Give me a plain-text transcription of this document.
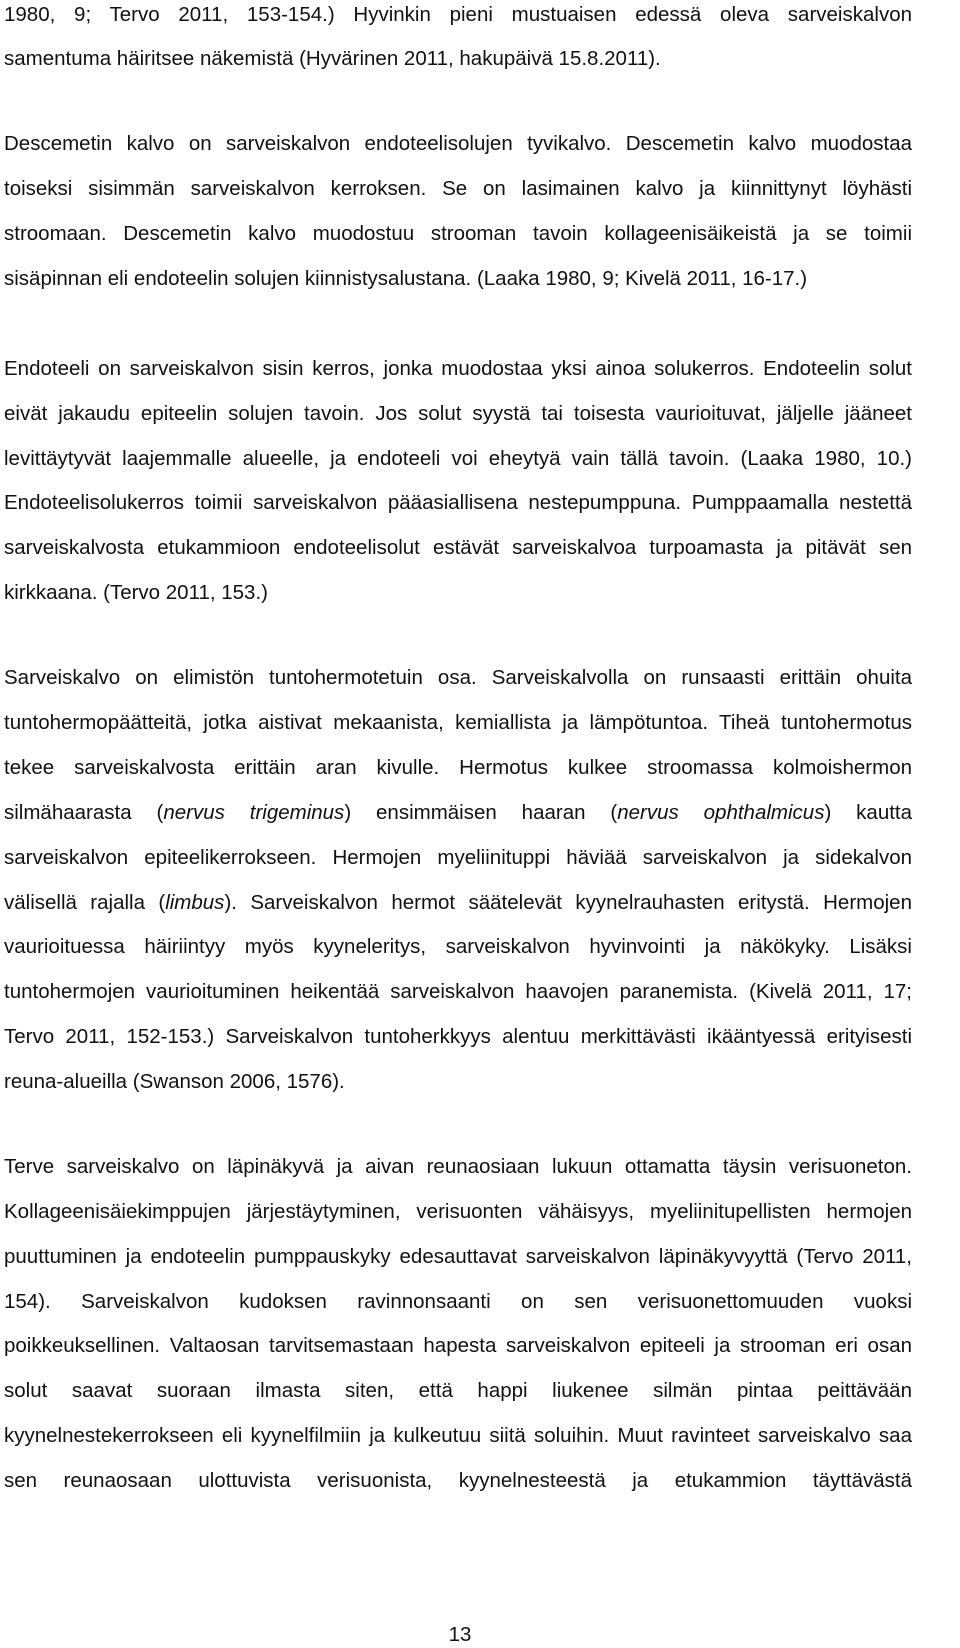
1980, 9; Tervo 2011, 153-154.) Hyvinkin pieni mustuaisen edessä oleva sarveiskalvon
samentuma häiritsee näkemistä (Hyvärinen 2011, hakupäivä 15.8.2011).
Descemetin kalvo on sarveiskalvon endoteelisolujen tyvikalvo. Descemetin kalvo muodostaa
toiseksi sisimmän sarveiskalvon kerroksen. Se on lasimainen kalvo ja kiinnittynyt löyhästi
stroomaan. Descemetin kalvo muodostuu strooman tavoin kollageenisäikeistä ja se toimii
sisäpinnan eli endoteelin solujen kiinnistysalustana. (Laaka 1980, 9; Kivelä 2011, 16-17.)
Endoteeli on sarveiskalvon sisin kerros, jonka muodostaa yksi ainoa solukerros. Endoteelin solut
eivät jakaudu epiteelin solujen tavoin. Jos solut syystä tai toisesta vaurioituvat, jäljelle jääneet
levittäytyvät laajemmalle alueelle, ja endoteeli voi eheytyä vain tällä tavoin. (Laaka 1980, 10.)
Endoteelisolukerros toimii sarveiskalvon pääasiallisena nestepumppuna. Pumppaamalla nestettä
sarveiskalvosta etukammioon endoteelisolut estävät sarveiskalvoa turpoamasta ja pitävät sen
kirkkaana. (Tervo 2011, 153.)
Sarveiskalvo on elimistön tuntohermotetuin osa. Sarveiskalvolla on runsaasti erittäin ohuita
tuntohermopäätteitä, jotka aistivat mekaanista, kemiallista ja lämpötuntoa. Tiheä tuntohermotus
tekee sarveiskalvosta erittäin aran kivulle. Hermotus kulkee stroomassa kolmoishermon
silmähaarasta (nervus trigeminus) ensimmäisen haaran (nervus ophthalmicus) kautta
sarveiskalvon epiteelikerrokseen. Hermojen myeliinituppi häviää sarveiskalvon ja sidekalvon
välisellä rajalla (limbus). Sarveiskalvon hermot säätelevät kyynelrauhasten eritystä. Hermojen
vaurioituessa häiriintyy myös kyyneleritys, sarveiskalvon hyvinvointi ja näkökyky. Lisäksi
tuntohermojen vaurioituminen heikentää sarveiskalvon haavojen paranemista. (Kivelä 2011, 17;
Tervo 2011, 152-153.) Sarveiskalvon tuntoherkkyys alentuu merkittävästi ikääntyessä erityisesti
reuna-alueilla (Swanson 2006, 1576).
Terve sarveiskalvo on läpinäkyvä ja aivan reunaosiaan lukuun ottamatta täysin verisuoneton.
Kollageenisäiekimppujen järjestäytyminen, verisuonten vähäisyys, myeliinitupellisten hermojen
puuttuminen ja endoteelin pumppauskyky edesauttavat sarveiskalvon läpinäkyvyyttä (Tervo 2011,
154). Sarveiskalvon kudoksen ravinnonsaanti on sen verisuonettomuuden vuoksi
poikkeuksellinen. Valtaosan tarvitsemastaan hapesta sarveiskalvon epiteeli ja strooman eri osan
solut saavat suoraan ilmasta siten, että happi liukenee silmän pintaa peittävään
kyynelnestekerrokseen eli kyynelfilmiin ja kulkeutuu siitä soluihin. Muut ravinteet sarveiskalvo saa
sen reunaosaan ulottuvista verisuonista, kyynelnesteestä ja etukammion täyttävästä
13
